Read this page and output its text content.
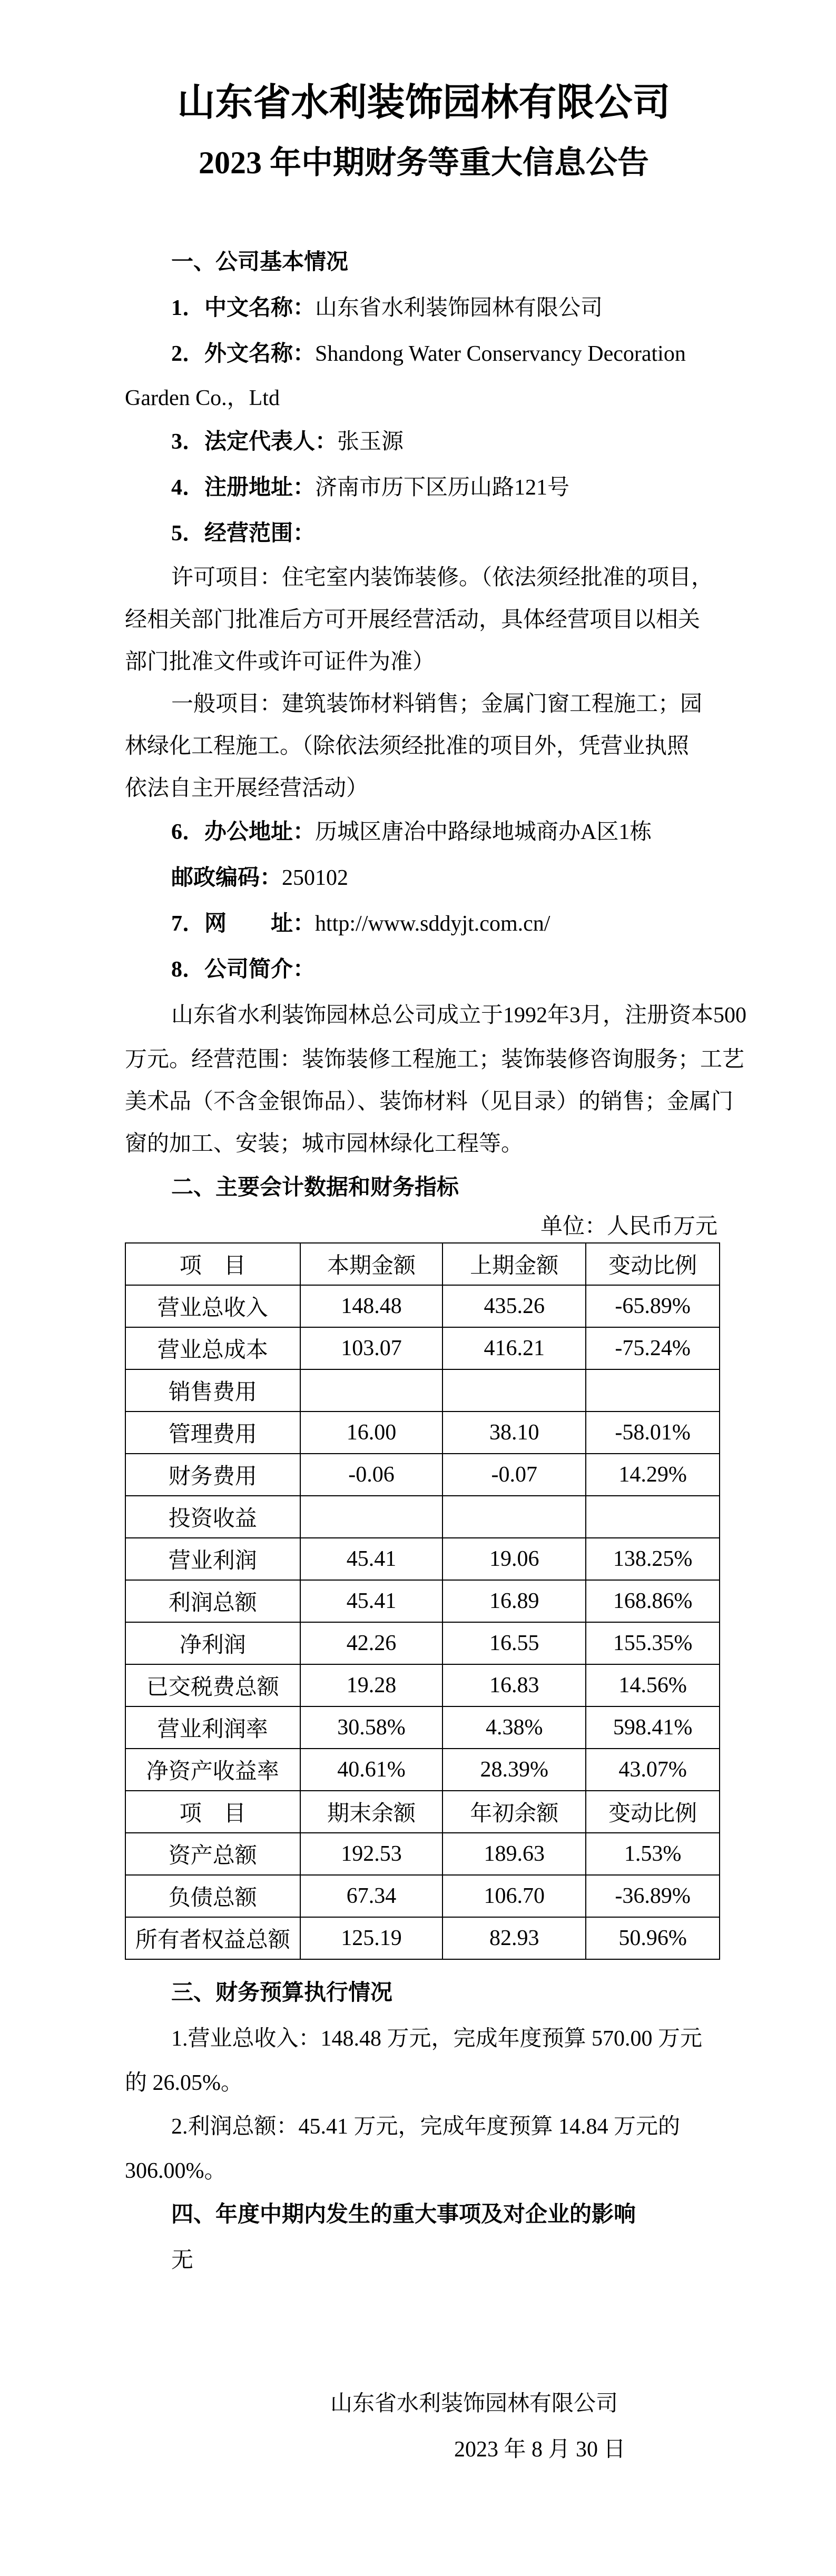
山东省水利装饰园林有限公司
2023 年中期财务等重大信息公告
一、公司基本情况
1．中文名称：山东省水利装饰园林有限公司
2．外文名称：Shandong Water Conservancy Decoration
Garden Co.，Ltd
3．法定代表人：张玉源
4．注册地址：济南市历下区历山路121号
5．经营范围：
许可项目：住宅室内装饰装修。（依法须经批准的项目，
经相关部门批准后方可开展经营活动，具体经营项目以相关
部门批准文件或许可证件为准）
一般项目：建筑装饰材料销售；金属门窗工程施工；园
林绿化工程施工。（除依法须经批准的项目外，凭营业执照
依法自主开展经营活动）
6．办公地址：历城区唐冶中路绿地城商办A区1栋
邮政编码：250102
7．网　　址：http://www.sddyjt.com.cn/
8．公司简介：
山东省水利装饰园林总公司成立于1992年3月，注册资本500
万元。经营范围：装饰装修工程施工；装饰装修咨询服务；工艺
美术品（不含金银饰品）、装饰材料（见目录）的销售；金属门
窗的加工、安装；城市园林绿化工程等。
二、主要会计数据和财务指标
单位：人民币万元
项　目	本期金额	上期金额	变动比例
营业总收入	148.48	435.26	-65.89%
营业总成本	103.07	416.21	-75.24%
销售费用			
管理费用	16.00	38.10	-58.01%
财务费用	-0.06	-0.07	14.29%
投资收益			
营业利润	45.41	19.06	138.25%
利润总额	45.41	16.89	168.86%
净利润	42.26	16.55	155.35%
已交税费总额	19.28	16.83	14.56%
营业利润率	30.58%	4.38%	598.41%
净资产收益率	40.61%	28.39%	43.07%
项　目	期末余额	年初余额	变动比例
资产总额	192.53	189.63	1.53%
负债总额	67.34	106.70	-36.89%
所有者权益总额	125.19	82.93	50.96%
三、财务预算执行情况
1.营业总收入：148.48 万元，完成年度预算 570.00 万元
的 26.05%。
2.利润总额：45.41 万元，完成年度预算 14.84 万元的
306.00%。
四、年度中期内发生的重大事项及对企业的影响
无
山东省水利装饰园林有限公司
2023 年 8 月 30 日
